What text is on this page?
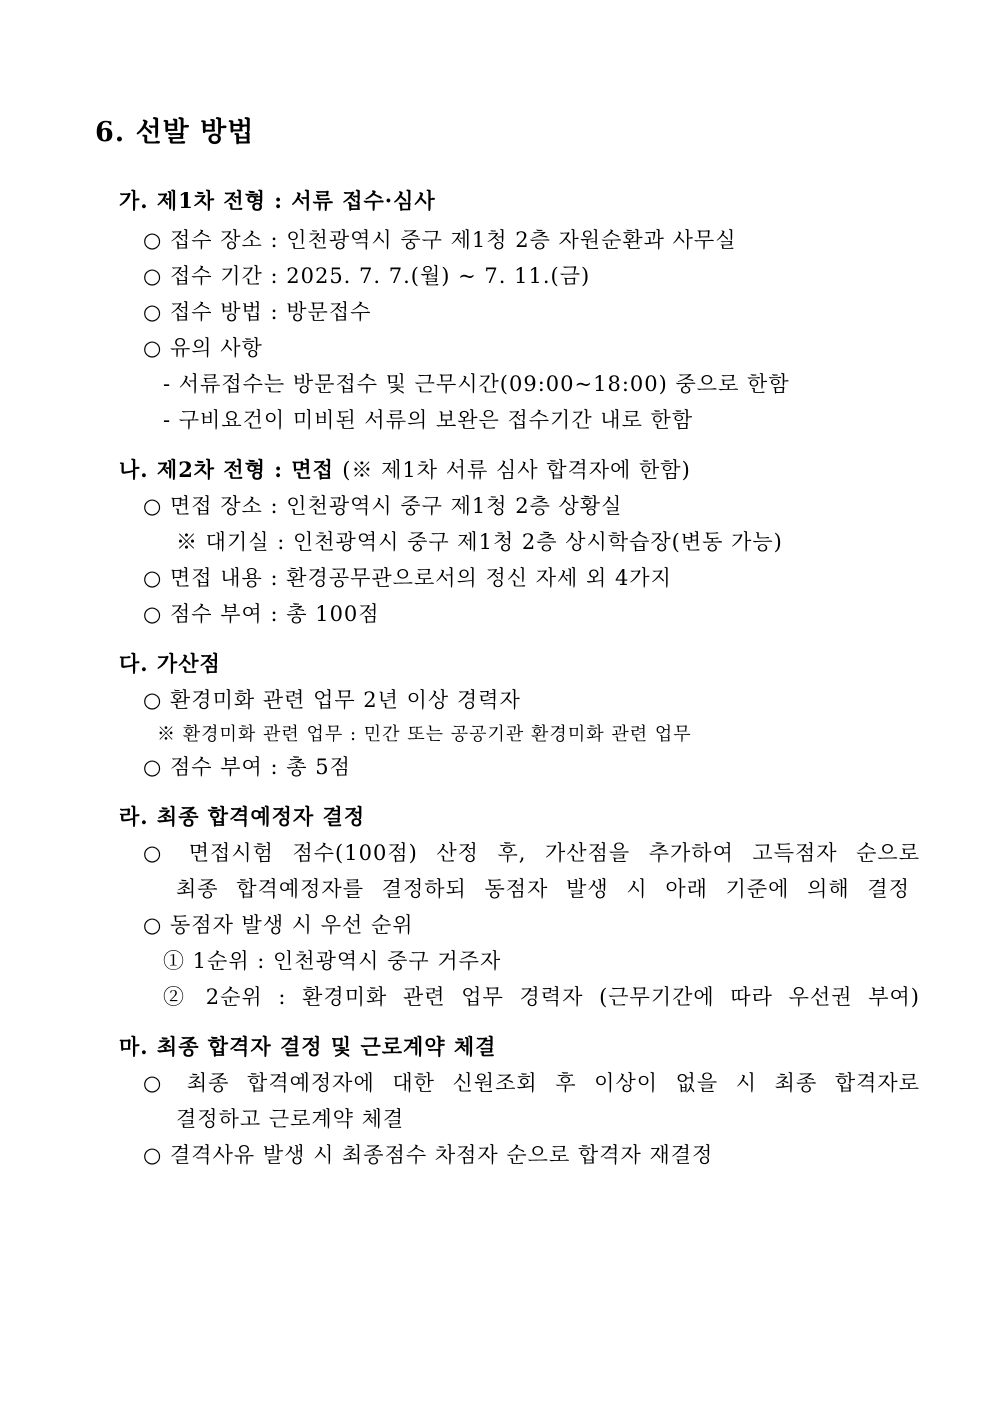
6. 선발 방법
가. 제1차 전형 : 서류 접수·심사
○ 접수 장소 : 인천광역시 중구 제1청 2층 자원순환과 사무실
○ 접수 기간 : 2025. 7. 7.(월) ~ 7. 11.(금)
○ 접수 방법 : 방문접수
○ 유의 사항
- 서류접수는 방문접수 및 근무시간(09:00~18:00) 중으로 한함
- 구비요건이 미비된 서류의 보완은 접수기간 내로 한함
나. 제2차 전형 : 면접 (※ 제1차 서류 심사 합격자에 한함)
○ 면접 장소 : 인천광역시 중구 제1청 2층 상황실
※ 대기실 : 인천광역시 중구 제1청 2층 상시학습장(변동 가능)
○ 면접 내용 : 환경공무관으로서의 정신 자세 외 4가지
○ 점수 부여 : 총 100점
다. 가산점
○ 환경미화 관련 업무 2년 이상 경력자
※ 환경미화 관련 업무 : 민간 또는 공공기관 환경미화 관련 업무
○ 점수 부여 : 총 5점
라. 최종 합격예정자 결정
○ 면접시험 점수(100점) 산정 후, 가산점을 추가하여 고득점자 순으로
최종 합격예정자를 결정하되 동점자 발생 시 아래 기준에 의해 결정
○ 동점자 발생 시 우선 순위
① 1순위 : 인천광역시 중구 거주자
② 2순위 : 환경미화 관련 업무 경력자 (근무기간에 따라 우선권 부여)
마. 최종 합격자 결정 및 근로계약 체결
○ 최종 합격예정자에 대한 신원조회 후 이상이 없을 시 최종 합격자로
결정하고 근로계약 체결
○ 결격사유 발생 시 최종점수 차점자 순으로 합격자 재결정
